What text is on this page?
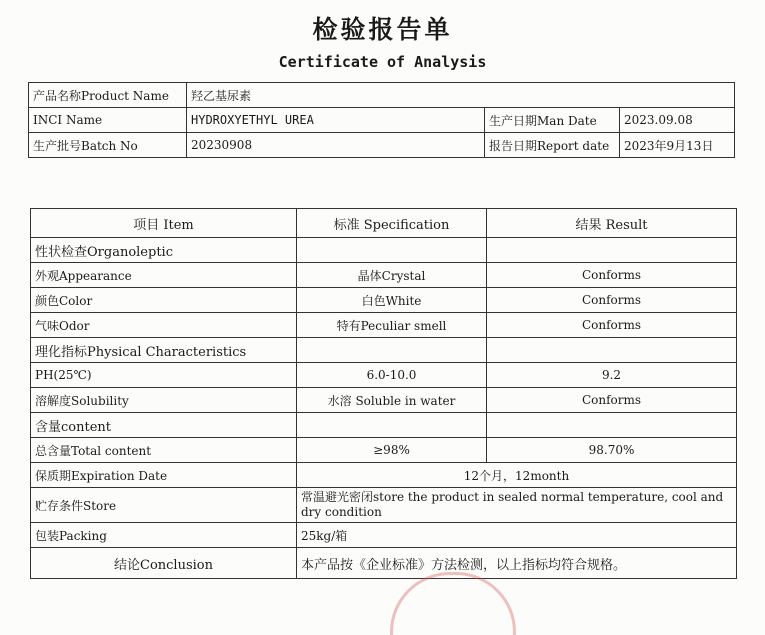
检验报告单
Certificate of Analysis
产品名称Product Name	羟乙基尿素		
INCI Name	HYDROXYETHYL UREA	生产日期Man Date	2023.09.08
生产批号Batch No	20230908	报告日期Report date	2023年9月13日
项目 Item	标准 Specification	结果 Result
性状检查Organoleptic		
外观Appearance	晶体Crystal	Conforms
颜色Color	白色White	Conforms
气味Odor	特有Peculiar smell	Conforms
理化指标Physical Characteristics		
PH(25℃)	6.0-10.0	9.2
溶解度Solubility	水溶 Soluble in water	Conforms
含量content		
总含量Total content	≥98%	98.70%
保质期Expiration Date	12个月，12month	
贮存条件Store	常温避光密闭store the product in sealed normal temperature, cool and dry condition	
包装Packing	25kg/箱	
结论Conclusion	本产品按《企业标准》方法检测，以上指标均符合规格。	
